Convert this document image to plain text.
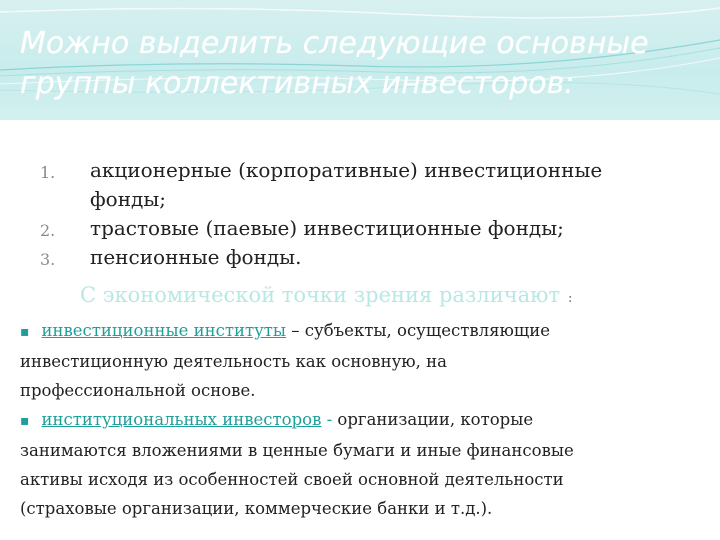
Можно выделить следующие основные
группы коллективных инвесторов:
1.	акционерные (корпоративные) инвестиционные
фонды;
2.	трастовые (паевые) инвестиционные фонды;
3.	пенсионные фонды.
С экономической точки зрения различают :
▪ инвестиционные институты – субъекты, осуществляющие
инвестиционную деятельность как основную, на
профессиональной основе.
▪ институциональных инвесторов - организации, которые
занимаются вложениями в ценные бумаги и иные финансовые
активы исходя из особенностей своей основной деятельности
(страховые организации, коммерческие банки и т.д.).
